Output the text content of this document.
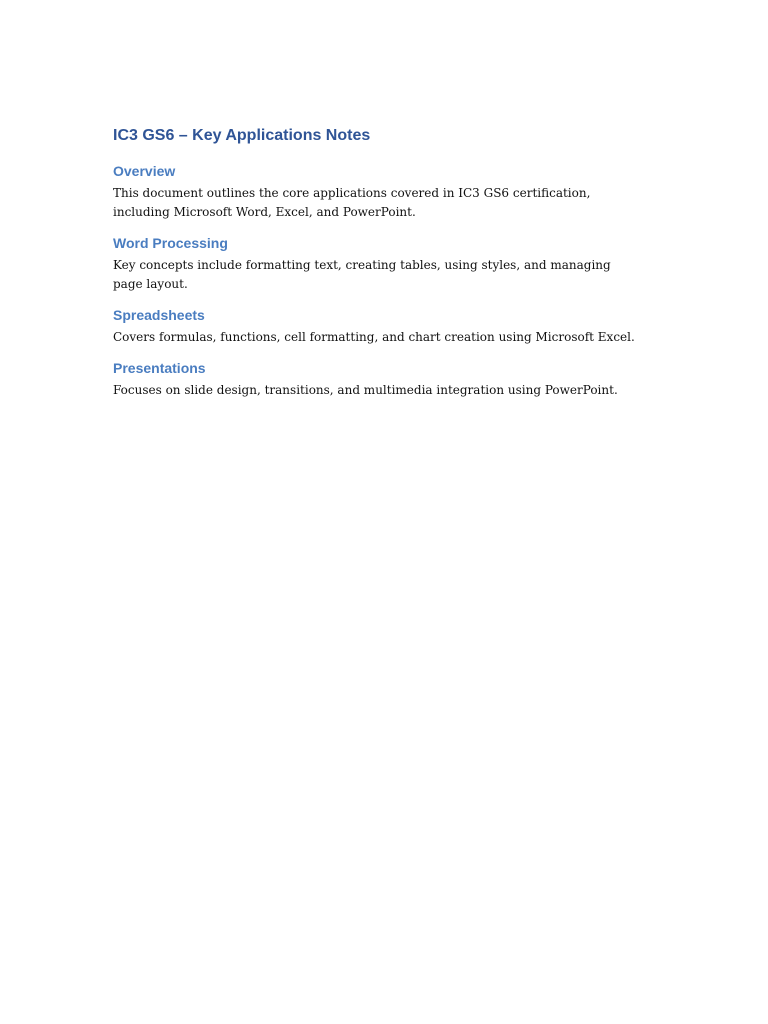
IC3 GS6 – Key Applications Notes
Overview

This document outlines the core applications covered in IC3 GS6 certification, including Microsoft Word, Excel, and PowerPoint.

Word Processing

Key concepts include formatting text, creating tables, using styles, and managing page layout.

Spreadsheets

Covers formulas, functions, cell formatting, and chart creation using Microsoft Excel.

Presentations

Focuses on slide design, transitions, and multimedia integration using PowerPoint.
